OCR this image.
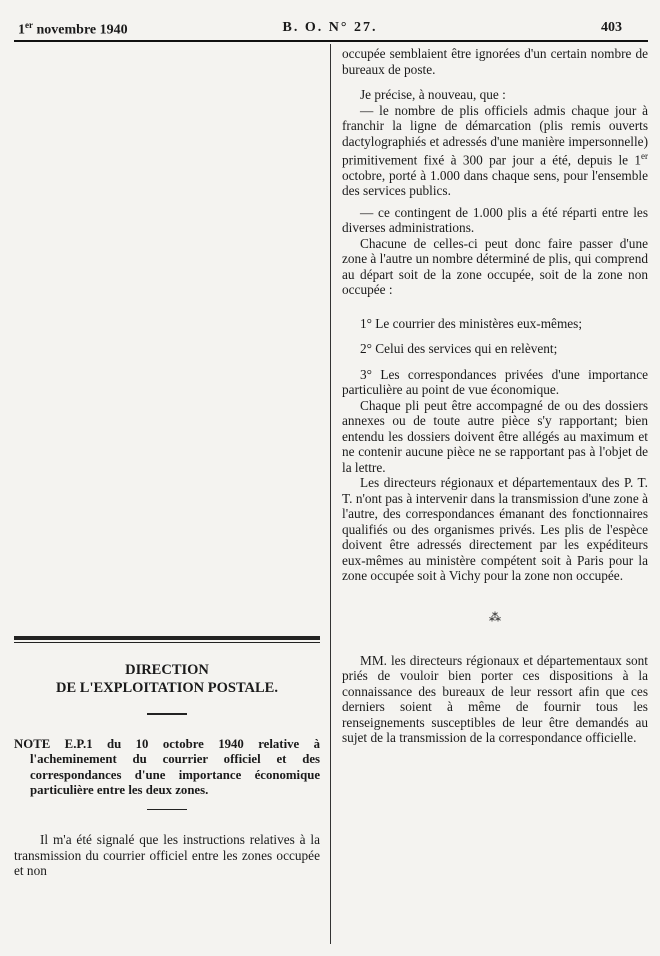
1er novembre 1940	B. O. N° 27.	403
DIRECTION
DE L'EXPLOITATION POSTALE.

NOTE E.P.1 du 10 octobre 1940 relative à l'acheminement du courrier officiel et des correspondances d'une importance économique particulière entre les deux zones.

Il m'a été signalé que les instructions relatives à la transmission du courrier officiel entre les zones occupée et non

occupée semblaient être ignorées d'un certain nombre de bureaux de poste.

Je précise, à nouveau, que :

— le nombre de plis officiels admis chaque jour à franchir la ligne de démarcation (plis remis ouverts dactylographiés et adressés d'une manière impersonnelle) primitivement fixé à 300 par jour a été, depuis le 1er octobre, porté à 1.000 dans chaque sens, pour l'ensemble des services publics.

— ce contingent de 1.000 plis a été réparti entre les diverses administrations.

Chacune de celles-ci peut donc faire passer d'une zone à l'autre un nombre déterminé de plis, qui comprend au départ soit de la zone occupée, soit de la zone non occupée :

1° Le courrier des ministères eux-mêmes;

2° Celui des services qui en relèvent;

3° Les correspondances privées d'une importance particulière au point de vue économique.

Chaque pli peut être accompagné de ou des dossiers annexes ou de toute autre pièce s'y rapportant; bien entendu les dossiers doivent être allégés au maximum et ne contenir aucune pièce ne se rapportant pas à l'objet de la lettre.

Les directeurs régionaux et départementaux des P. T. T. n'ont pas à intervenir dans la transmission d'une zone à l'autre, des correspondances émanant des fonctionnaires qualifiés ou des organismes privés. Les plis de l'espèce doivent être adressés directement par les expéditeurs eux-mêmes au ministère compétent soit à Paris pour la zone occupée soit à Vichy pour la zone non occupée.

⁂

MM. les directeurs régionaux et départementaux sont priés de vouloir bien porter ces dispositions à la connaissance des bureaux de leur ressort afin que ces derniers soient à même de fournir tous les renseignements susceptibles de leur être demandés au sujet de la transmission de la correspondance officielle.
